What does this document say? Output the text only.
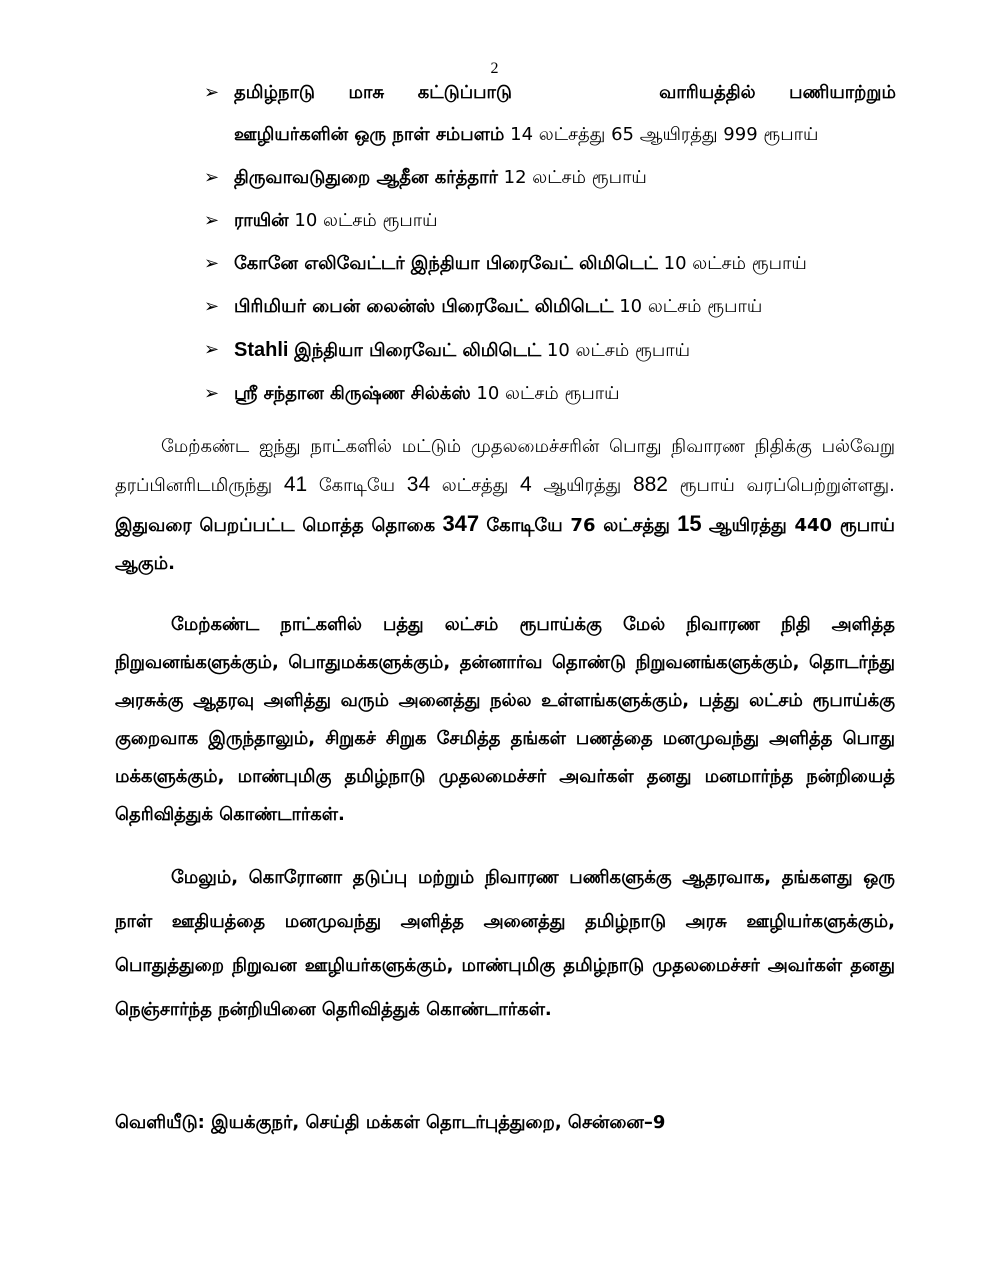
2
➢ தமிழ்நாடு மாசு கட்டுப்பாடு	வாரியத்தில் பணியாற்றும்
ஊழியர்களின் ஒரு நாள் சம்பளம் 14 லட்சத்து 65 ஆயிரத்து 999 ரூபாய்
➢ திருவாவடுதுறை ஆதீன கர்த்தார் 12 லட்சம் ரூபாய்
➢ ராயின் 10 லட்சம் ரூபாய்
➢ கோனே எலிவேட்டர் இந்தியா பிரைவேட் லிமிடெட் 10 லட்சம் ரூபாய்
➢ பிரிமியர் பைன் லைன்ஸ் பிரைவேட் லிமிடெட் 10 லட்சம் ரூபாய்
➢ Stahli இந்தியா பிரைவேட் லிமிடெட் 10 லட்சம் ரூபாய்
➢ ஸ்ரீ சந்தான கிருஷ்ண சில்க்ஸ் 10 லட்சம் ரூபாய்

மேற்கண்ட ஐந்து நாட்களில் மட்டும் முதலமைச்சரின் பொது நிவாரண நிதிக்கு பல்வேறு தரப்பினரிடமிருந்து 41 கோடியே 34 லட்சத்து 4 ஆயிரத்து 882 ரூபாய் வரப்பெற்றுள்ளது. இதுவரை பெறப்பட்ட மொத்த தொகை 347 கோடியே 76 லட்சத்து 15 ஆயிரத்து 440 ரூபாய் ஆகும்.

மேற்கண்ட நாட்களில் பத்து லட்சம் ரூபாய்க்கு மேல் நிவாரண நிதி அளித்த நிறுவனங்களுக்கும், பொதுமக்களுக்கும், தன்னார்வ தொண்டு நிறுவனங்களுக்கும், தொடர்ந்து அரசுக்கு ஆதரவு அளித்து வரும் அனைத்து நல்ல உள்ளங்களுக்கும், பத்து லட்சம் ரூபாய்க்கு குறைவாக இருந்தாலும், சிறுகச் சிறுக சேமித்த தங்கள் பணத்தை மனமுவந்து அளித்த பொது மக்களுக்கும், மாண்புமிகு தமிழ்நாடு முதலமைச்சர் அவர்கள் தனது மனமார்ந்த நன்றியைத் தெரிவித்துக் கொண்டார்கள்.

மேலும், கொரோனா தடுப்பு மற்றும் நிவாரண பணிகளுக்கு ஆதரவாக, தங்களது ஒரு நாள் ஊதியத்தை மனமுவந்து அளித்த அனைத்து தமிழ்நாடு அரசு ஊழியர்களுக்கும், பொதுத்துறை நிறுவன ஊழியர்களுக்கும், மாண்புமிகு தமிழ்நாடு முதலமைச்சர் அவர்கள் தனது நெஞ்சார்ந்த நன்றியினை தெரிவித்துக் கொண்டார்கள்.

வெளியீடு: இயக்குநர், செய்தி மக்கள் தொடர்புத்துறை, சென்னை–9
